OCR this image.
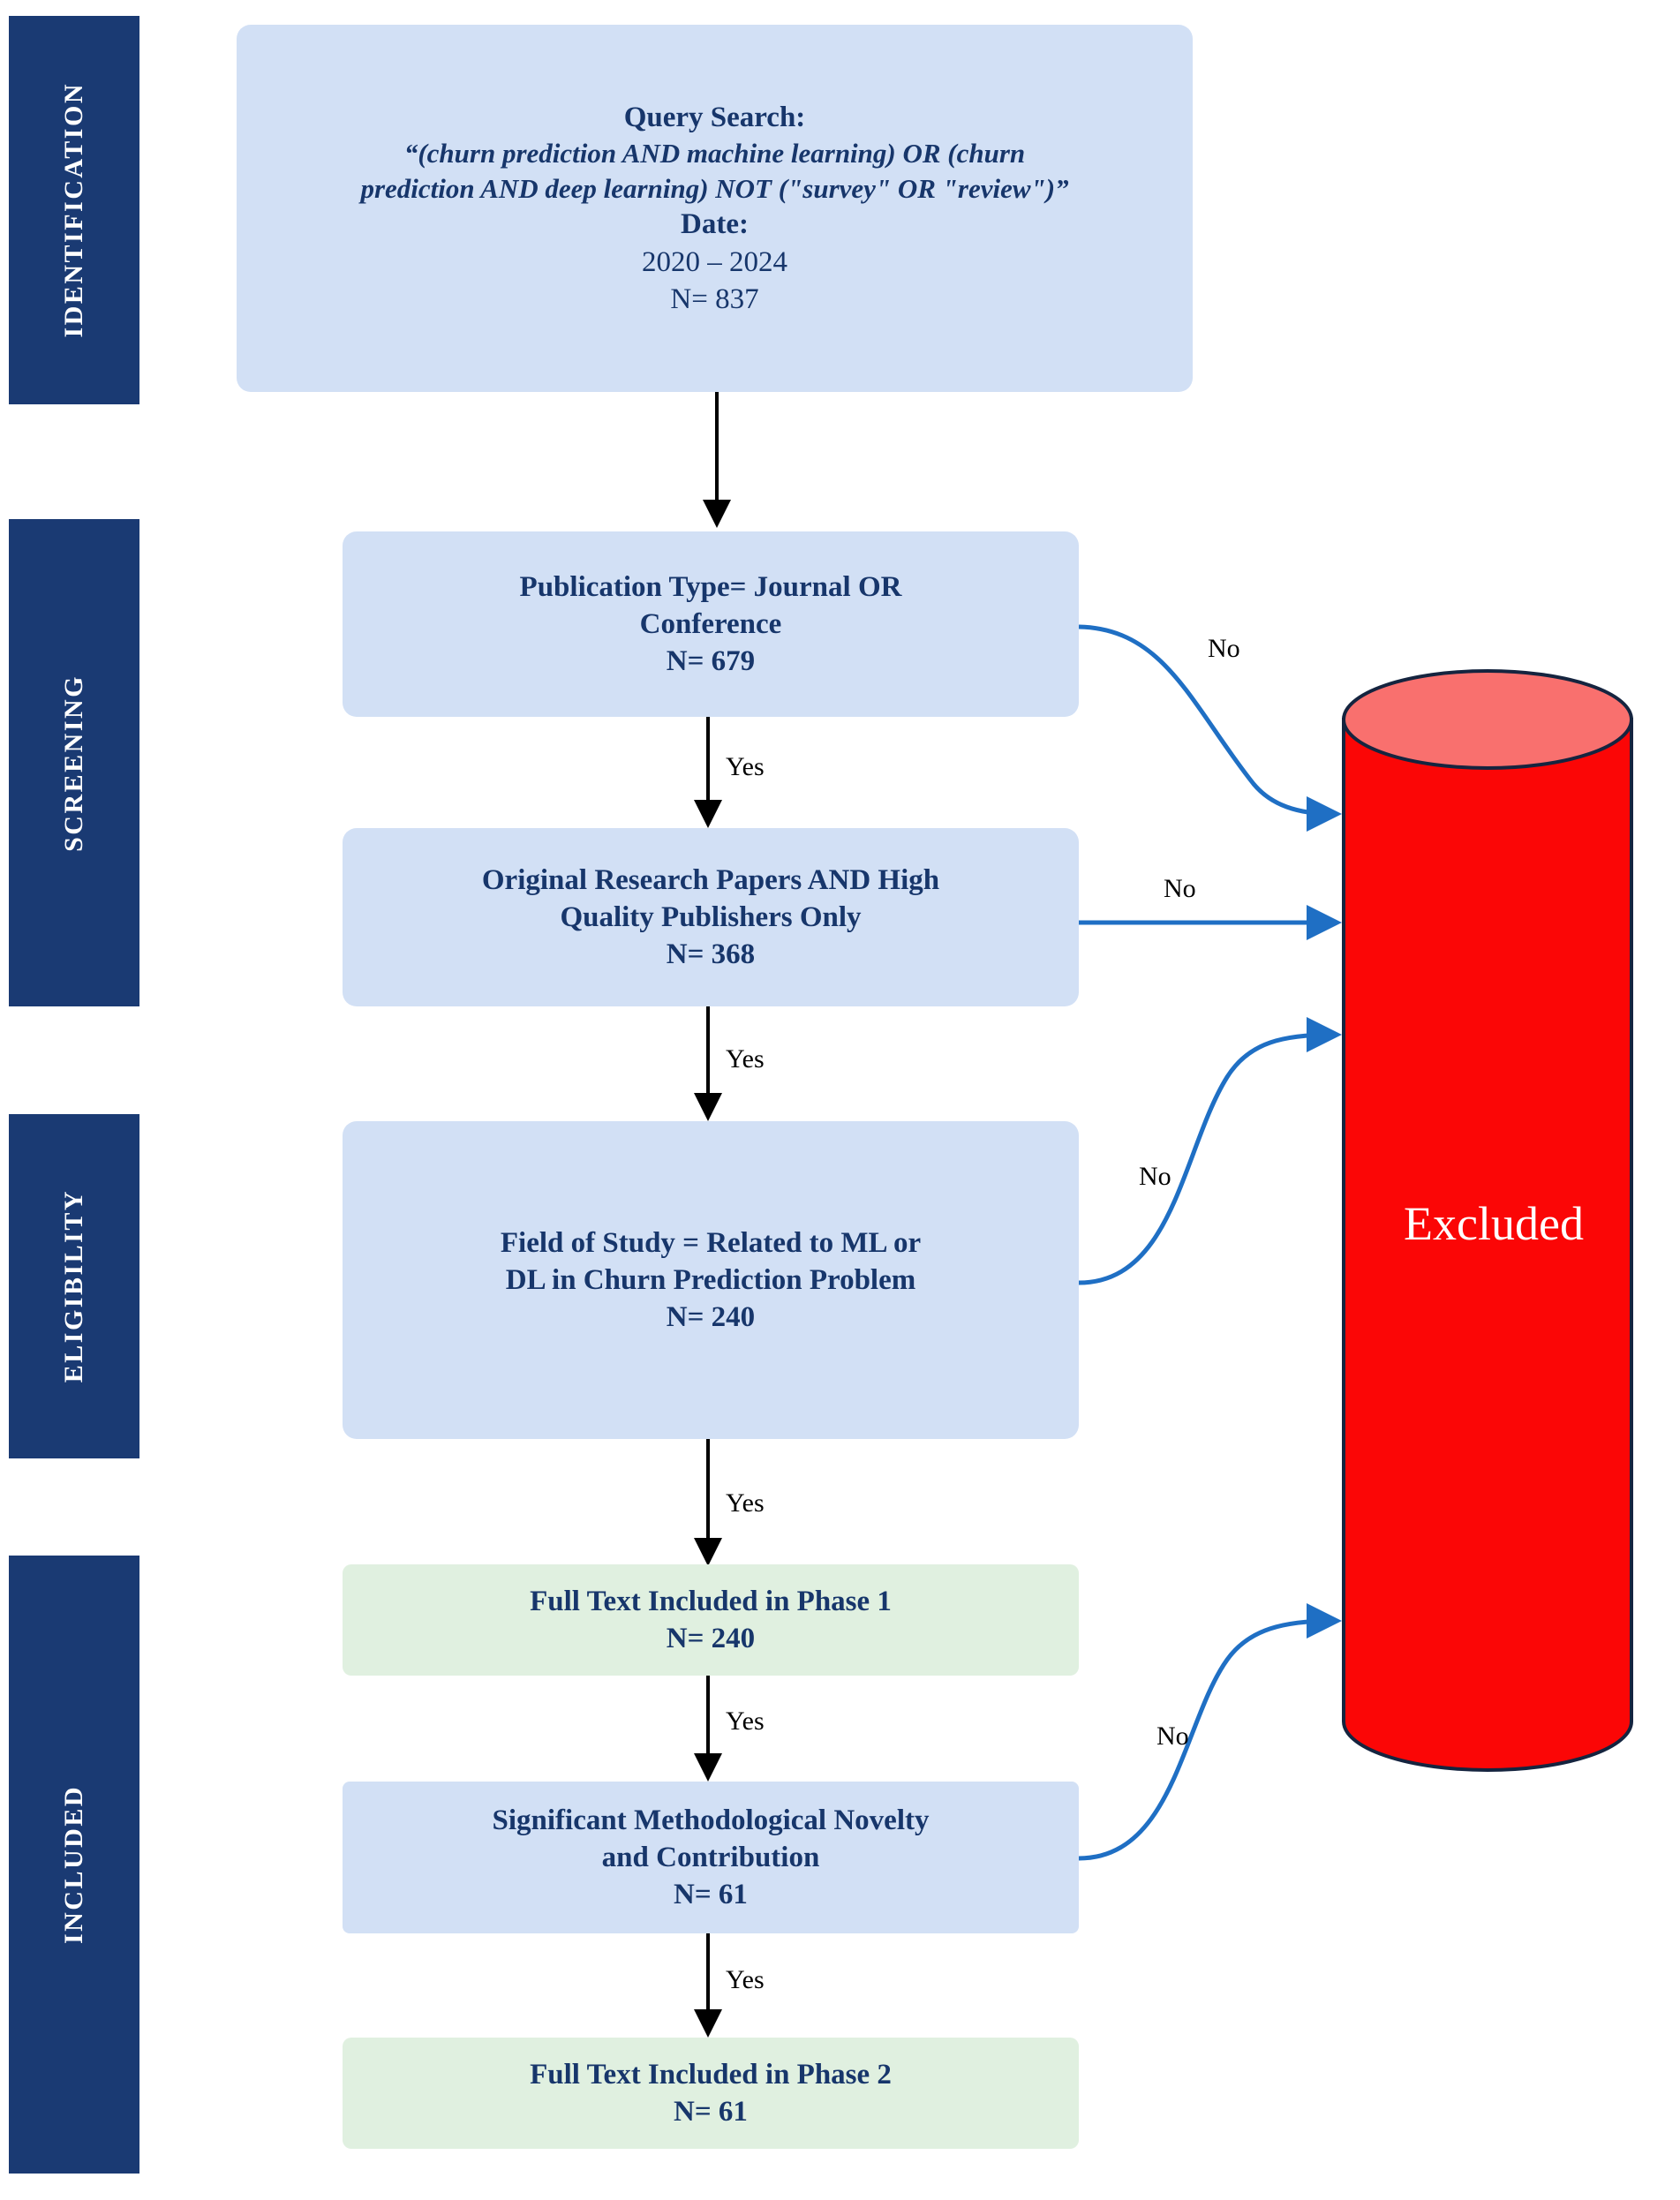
Excluded
IDENTIFICATION
SCREENING
ELIGIBILITY
INCLUDED
Query Search:
“(churn prediction AND machine learning) OR (churn
prediction AND deep learning) NOT ("survey" OR "review")”
Date:
2020 – 2024
N= 837
Publication Type= Journal OR
Conference
N= 679
Original Research Papers AND High
Quality Publishers Only
N= 368
Field of Study = Related to ML or
DL in Churn Prediction Problem
N= 240
Full Text Included in Phase 1
N= 240
Significant Methodological Novelty
and Contribution
N= 61
Full Text Included in Phase 2
N= 61
No
Yes
No
Yes
No
Yes
Yes
No
Yes
